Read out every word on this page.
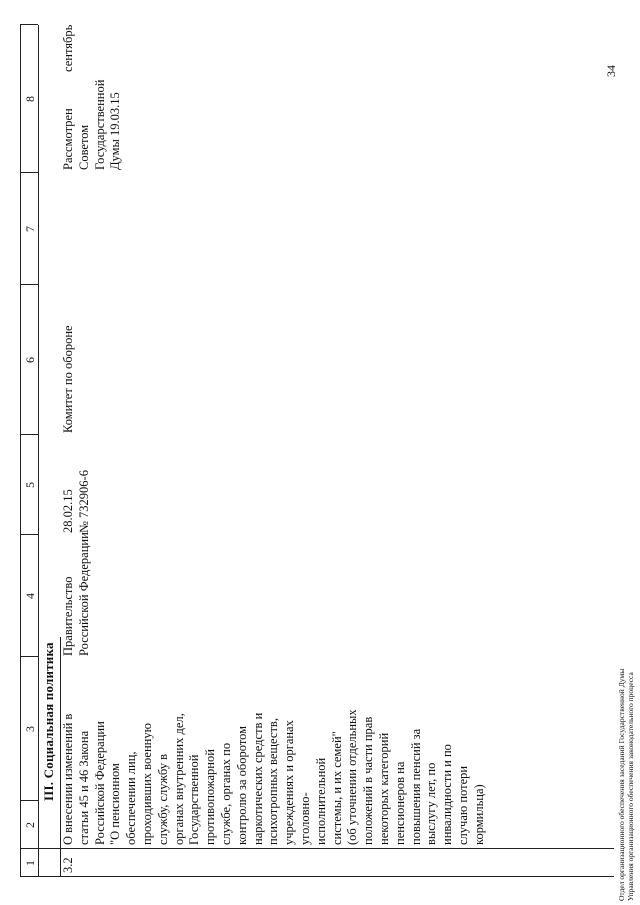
1
2
3
4
5
6
7
8
III. Социальная политика
3.2
О внесении изменений в статьи 45 и 46 Закона Российской Федерации "О пенсионном обеспечении лиц, проходивших военную службу, службу в органах внутренних дел, Государственной противопожарной службе, органах по контролю за оборотом наркотических средств и психотропных веществ, учреждениях и органах уголовно- исполнительной системы, и их семей" (об уточнении отдельных положений в части прав некоторых категорий пенсионеров на повышения пенсий за выслугу лет, по инвалидности и по случаю потери кормильца)
Правительство Российской Федерации
28.02.15 № 732906-6
Комитет по обороне
Рассмотрен Советом Государственной Думы 19.03.15
сентябрь	34
Отдел организационного обеспечения заседаний Государственной Думы Управления организационного обеспечения законодательного процесса
